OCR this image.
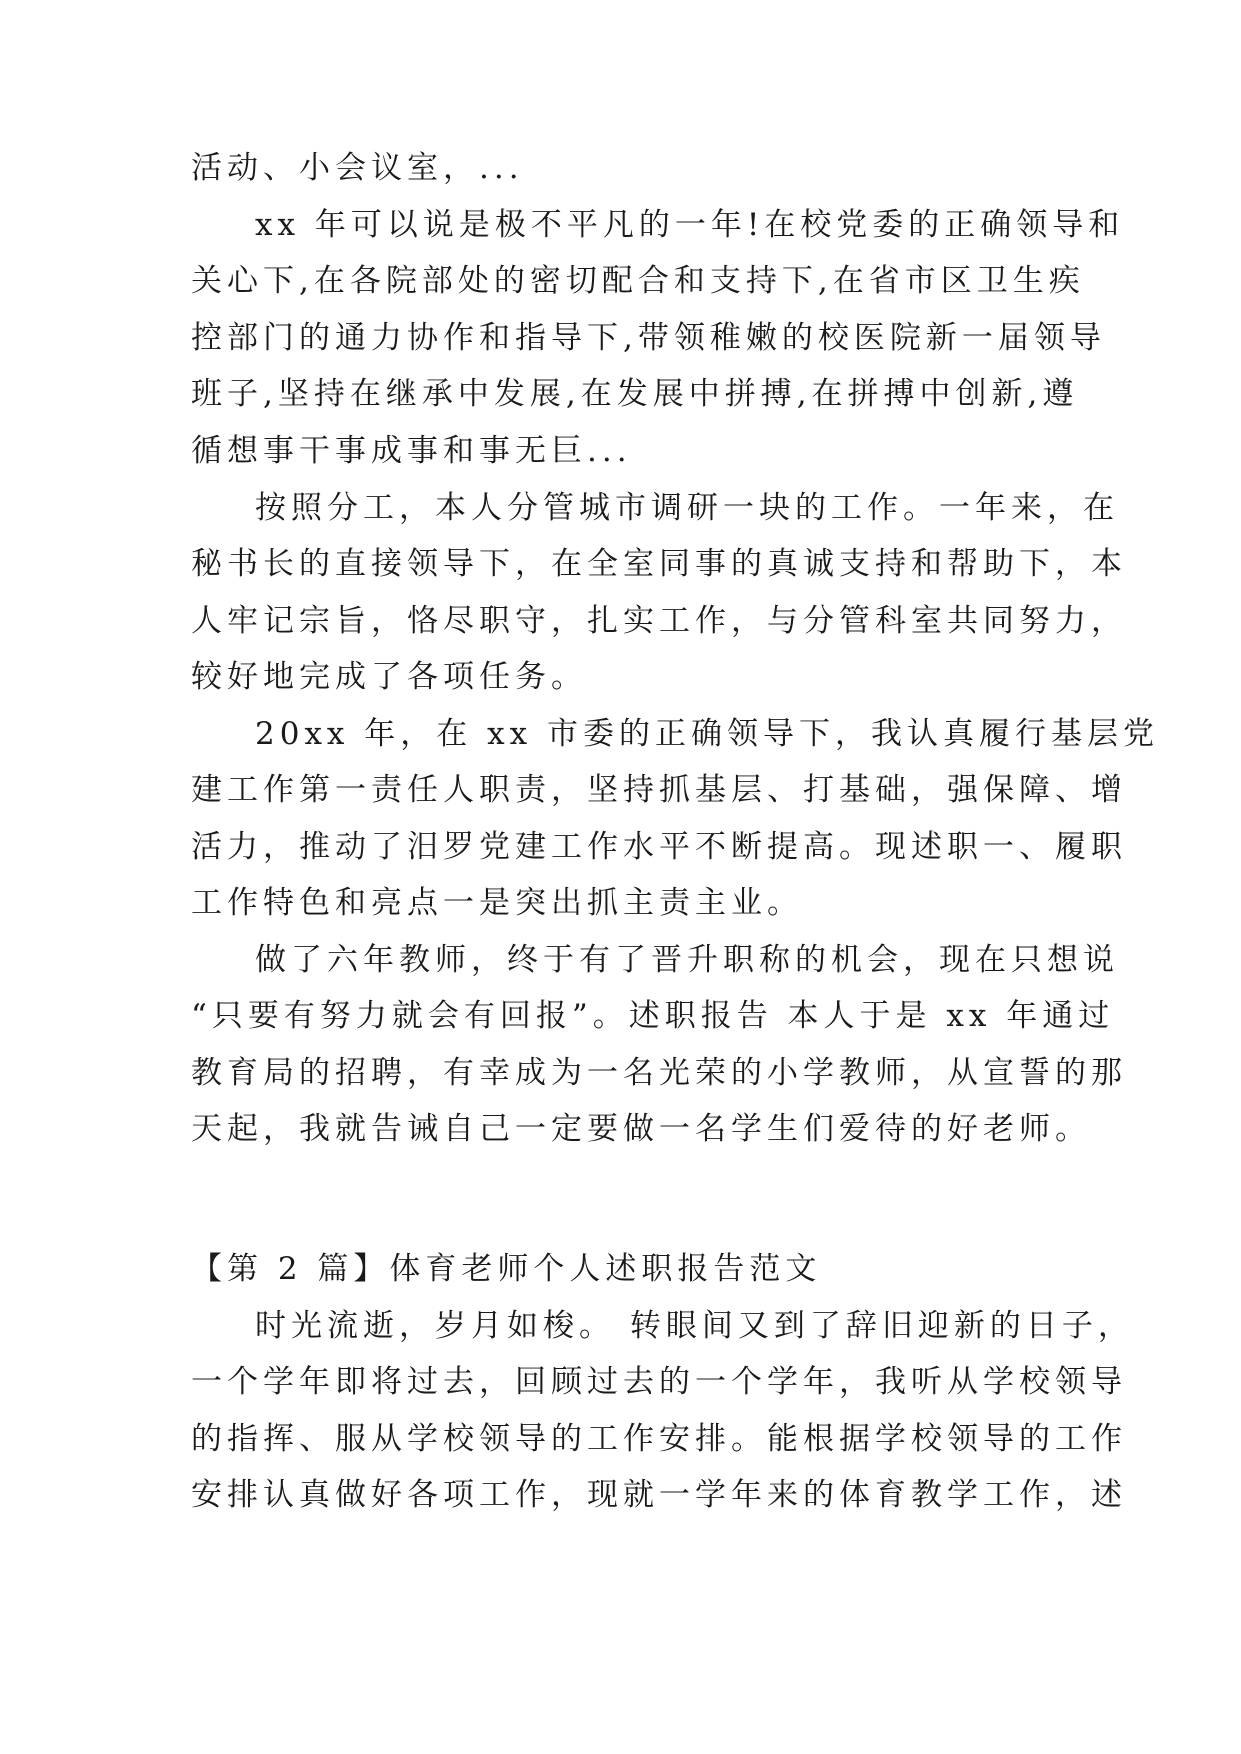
活动、小会议室，...
xx 年可以说是极不平凡的一年!在校党委的正确领导和
关心下,在各院部处的密切配合和支持下,在省市区卫生疾
控部门的通力协作和指导下,带领稚嫩的校医院新一届领导
班子,坚持在继承中发展,在发展中拼搏,在拼搏中创新,遵
循想事干事成事和事无巨...
按照分工，本人分管城市调研一块的工作。一年来，在
秘书长的直接领导下，在全室同事的真诚支持和帮助下，本
人牢记宗旨，恪尽职守，扎实工作，与分管科室共同努力，
较好地完成了各项任务。
20xx 年，在 xx 市委的正确领导下，我认真履行基层党
建工作第一责任人职责，坚持抓基层、打基础，强保障、增
活力，推动了汨罗党建工作水平不断提高。现述职一、履职
工作特色和亮点一是突出抓主责主业。
做了六年教师，终于有了晋升职称的机会，现在只想说
“只要有努力就会有回报”。述职报告 本人于是 xx 年通过
教育局的招聘，有幸成为一名光荣的小学教师，从宣誓的那
天起，我就告诫自己一定要做一名学生们爱待的好老师。
【第 2 篇】体育老师个人述职报告范文
时光流逝，岁月如梭。 转眼间又到了辞旧迎新的日子，
一个学年即将过去，回顾过去的一个学年，我听从学校领导
的指挥、服从学校领导的工作安排。能根据学校领导的工作
安排认真做好各项工作，现就一学年来的体育教学工作，述
